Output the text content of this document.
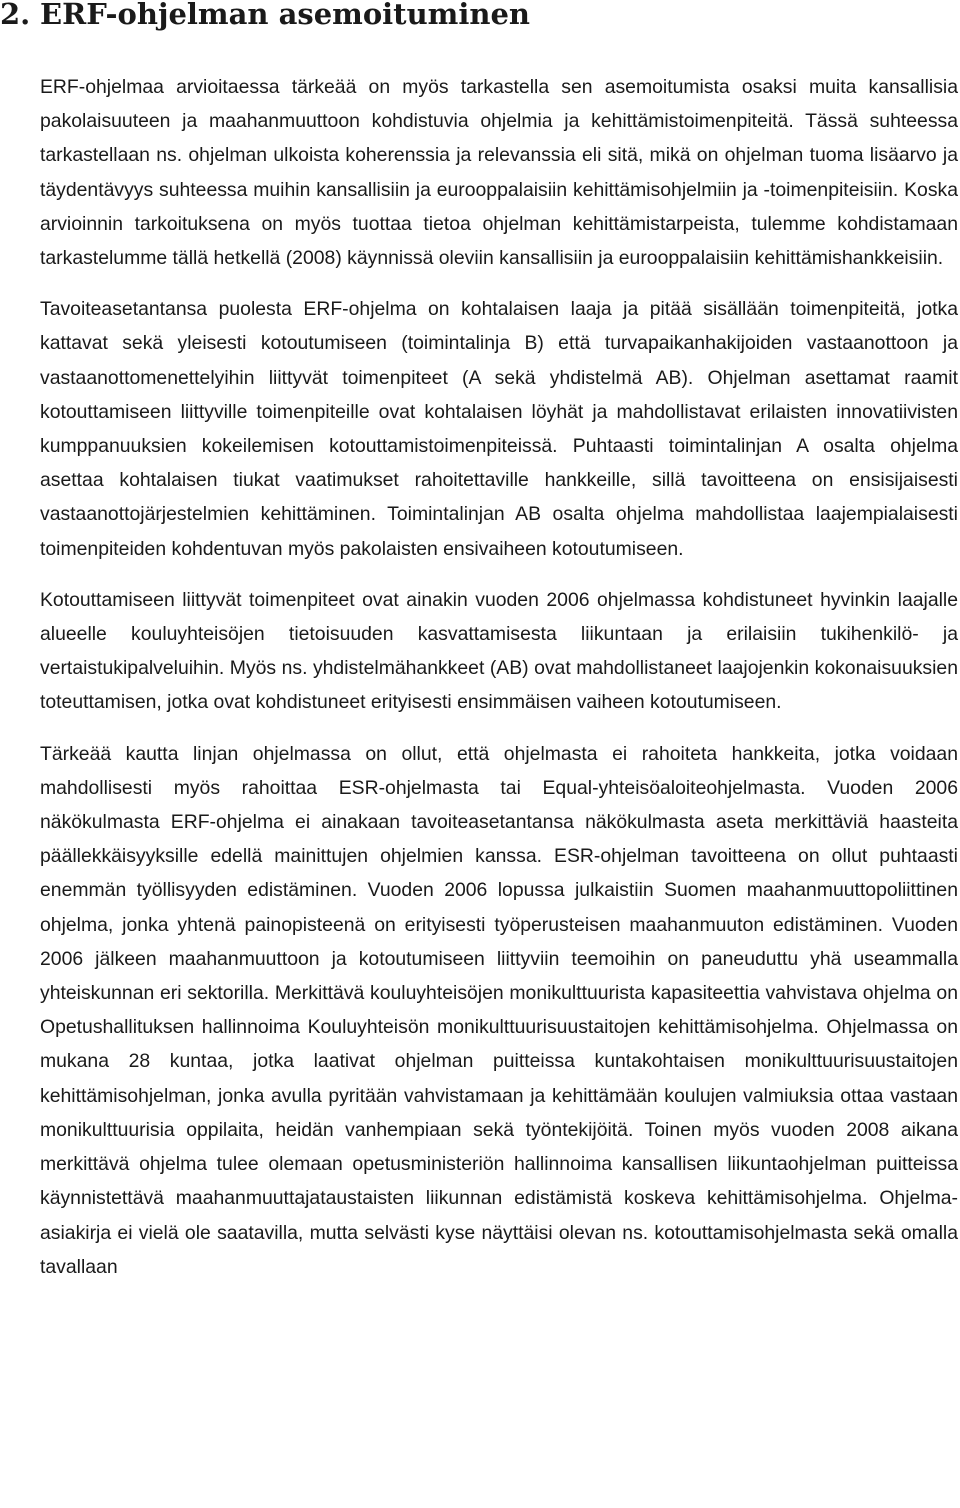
2. ERF-ohjelman asemoituminen

ERF-ohjelmaa arvioitaessa tärkeää on myös tarkastella sen asemoitumista osaksi muita kansallisia pakolaisuuteen ja maahanmuuttoon kohdistuvia ohjelmia ja kehittämistoimenpiteitä. Tässä suhteessa tarkastellaan ns. ohjelman ulkoista koherenssia ja relevanssia eli sitä, mikä on ohjelman tuoma lisäarvo ja täydentävyys suhteessa muihin kansallisiin ja eurooppalaisiin kehittämisohjelmiin ja -toimenpiteisiin. Koska arvioinnin tarkoituksena on myös tuottaa tietoa ohjelman kehittämistarpeista, tulemme kohdistamaan tarkastelumme tällä hetkellä (2008) käynnissä oleviin kansallisiin ja eurooppalaisiin kehittämishankkeisiin.

Tavoiteasetantansa puolesta ERF-ohjelma on kohtalaisen laaja ja pitää sisällään toimenpiteitä, jotka kattavat sekä yleisesti kotoutumiseen (toimintalinja B) että turvapaikanhakijoiden vastaanottoon ja vastaanottomenettelyihin liittyvät toimenpiteet (A sekä yhdistelmä AB). Ohjelman asettamat raamit kotouttamiseen liittyville toimenpiteille ovat kohtalaisen löyhät ja mahdollistavat erilaisten innovatiivisten kumppanuuksien kokeilemisen kotouttamistoimenpiteissä. Puhtaasti toimintalinjan A osalta ohjelma asettaa kohtalaisen tiukat vaatimukset rahoitettaville hankkeille, sillä tavoitteena on ensisijaisesti vastaanottojärjestelmien kehittäminen. Toimintalinjan AB osalta ohjelma mahdollistaa laajempialaisesti toimenpiteiden kohdentuvan myös pakolaisten ensivaiheen kotoutumiseen.

Kotouttamiseen liittyvät toimenpiteet ovat ainakin vuoden 2006 ohjelmassa kohdistuneet hyvinkin laajalle alueelle kouluyhteisöjen tietoisuuden kasvattamisesta liikuntaan ja erilaisiin tukihenkilö- ja vertaistukipalveluihin. Myös ns. yhdistelmähankkeet (AB) ovat mahdollistaneet laajojenkin kokonaisuuksien toteuttamisen, jotka ovat kohdistuneet erityisesti ensimmäisen vaiheen kotoutumiseen.

Tärkeää kautta linjan ohjelmassa on ollut, että ohjelmasta ei rahoiteta hankkeita, jotka voidaan mahdollisesti myös rahoittaa ESR-ohjelmasta tai Equal-yhteisöaloiteohjelmasta. Vuoden 2006 näkökulmasta ERF-ohjelma ei ainakaan tavoiteasetantansa näkökulmasta aseta merkittäviä haasteita päällekkäisyyksille edellä mainittujen ohjelmien kanssa. ESR-ohjelman tavoitteena on ollut puhtaasti enemmän työllisyyden edistäminen. Vuoden 2006 lopussa julkaistiin Suomen maahanmuuttopoliittinen ohjelma, jonka yhtenä painopisteenä on erityisesti työperusteisen maahanmuuton edistäminen. Vuoden 2006 jälkeen maahanmuuttoon ja kotoutumiseen liittyviin teemoihin on paneuduttu yhä useammalla yhteiskunnan eri sektorilla. Merkittävä kouluyhteisöjen monikulttuurista kapasiteettia vahvistava ohjelma on Opetushallituksen hallinnoima Kouluyhteisön monikulttuurisuustaitojen kehittämisohjelma. Ohjelmassa on mukana 28 kuntaa, jotka laativat ohjelman puitteissa kuntakohtaisen monikulttuurisuustaitojen kehittämisohjelman, jonka avulla pyritään vahvistamaan ja kehittämään koulujen valmiuksia ottaa vastaan monikulttuurisia oppilaita, heidän vanhempiaan sekä työntekijöitä. Toinen myös vuoden 2008 aikana merkittävä ohjelma tulee olemaan opetusministeriön hallinnoima kansallisen liikuntaohjelman puitteissa käynnistettävä maahanmuuttajataustaisten liikunnan edistämistä koskeva kehittämisohjelma. Ohjelma-asiakirja ei vielä ole saatavilla, mutta selvästi kyse näyttäisi olevan ns. kotouttamisohjelmasta sekä omalla tavallaan
